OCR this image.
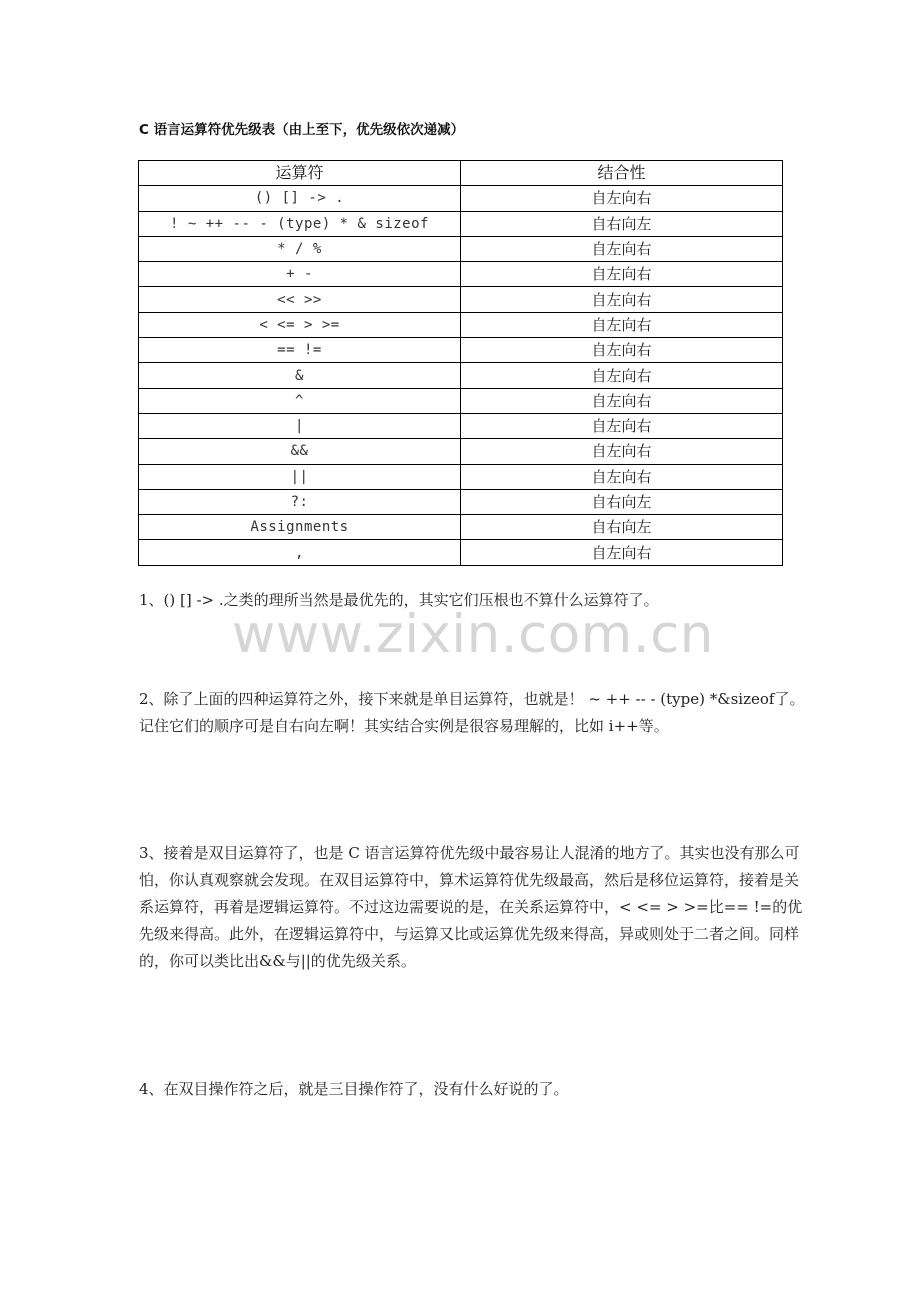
C 语言运算符优先级表（由上至下，优先级依次递减）
运算符	结合性
() [] -> .	自左向右
! ~ ++ -- - (type) * & sizeof	自右向左
* / %	自左向右
+ -	自左向右
<< >>	自左向右
< <= > >=	自左向右
== !=	自左向右
&	自左向右
^	自左向右
|	自左向右
&&	自左向右
||	自左向右
?:	自右向左
Assignments	自右向左
,	自左向右

1、() [] -> .之类的理所当然是最优先的，其实它们压根也不算什么运算符了。

www.zixin.com.cn

2、除了上面的四种运算符之外，接下来就是单目运算符，也就是！ ~ ++ -- - (type) *&sizeof了。记住它们的顺序可是自右向左啊！其实结合实例是很容易理解的，比如 i++等。

3、接着是双目运算符了，也是 C 语言运算符优先级中最容易让人混淆的地方了。其实也没有那么可怕，你认真观察就会发现。在双目运算符中，算术运算符优先级最高，然后是移位运算符，接着是关系运算符，再着是逻辑运算符。不过这边需要说的是，在关系运算符中，< <= > >=比== !=的优先级来得高。此外，在逻辑运算符中，与运算又比或运算优先级来得高，异或则处于二者之间。同样的，你可以类比出&&与||的优先级关系。

4、在双目操作符之后，就是三目操作符了，没有什么好说的了。
